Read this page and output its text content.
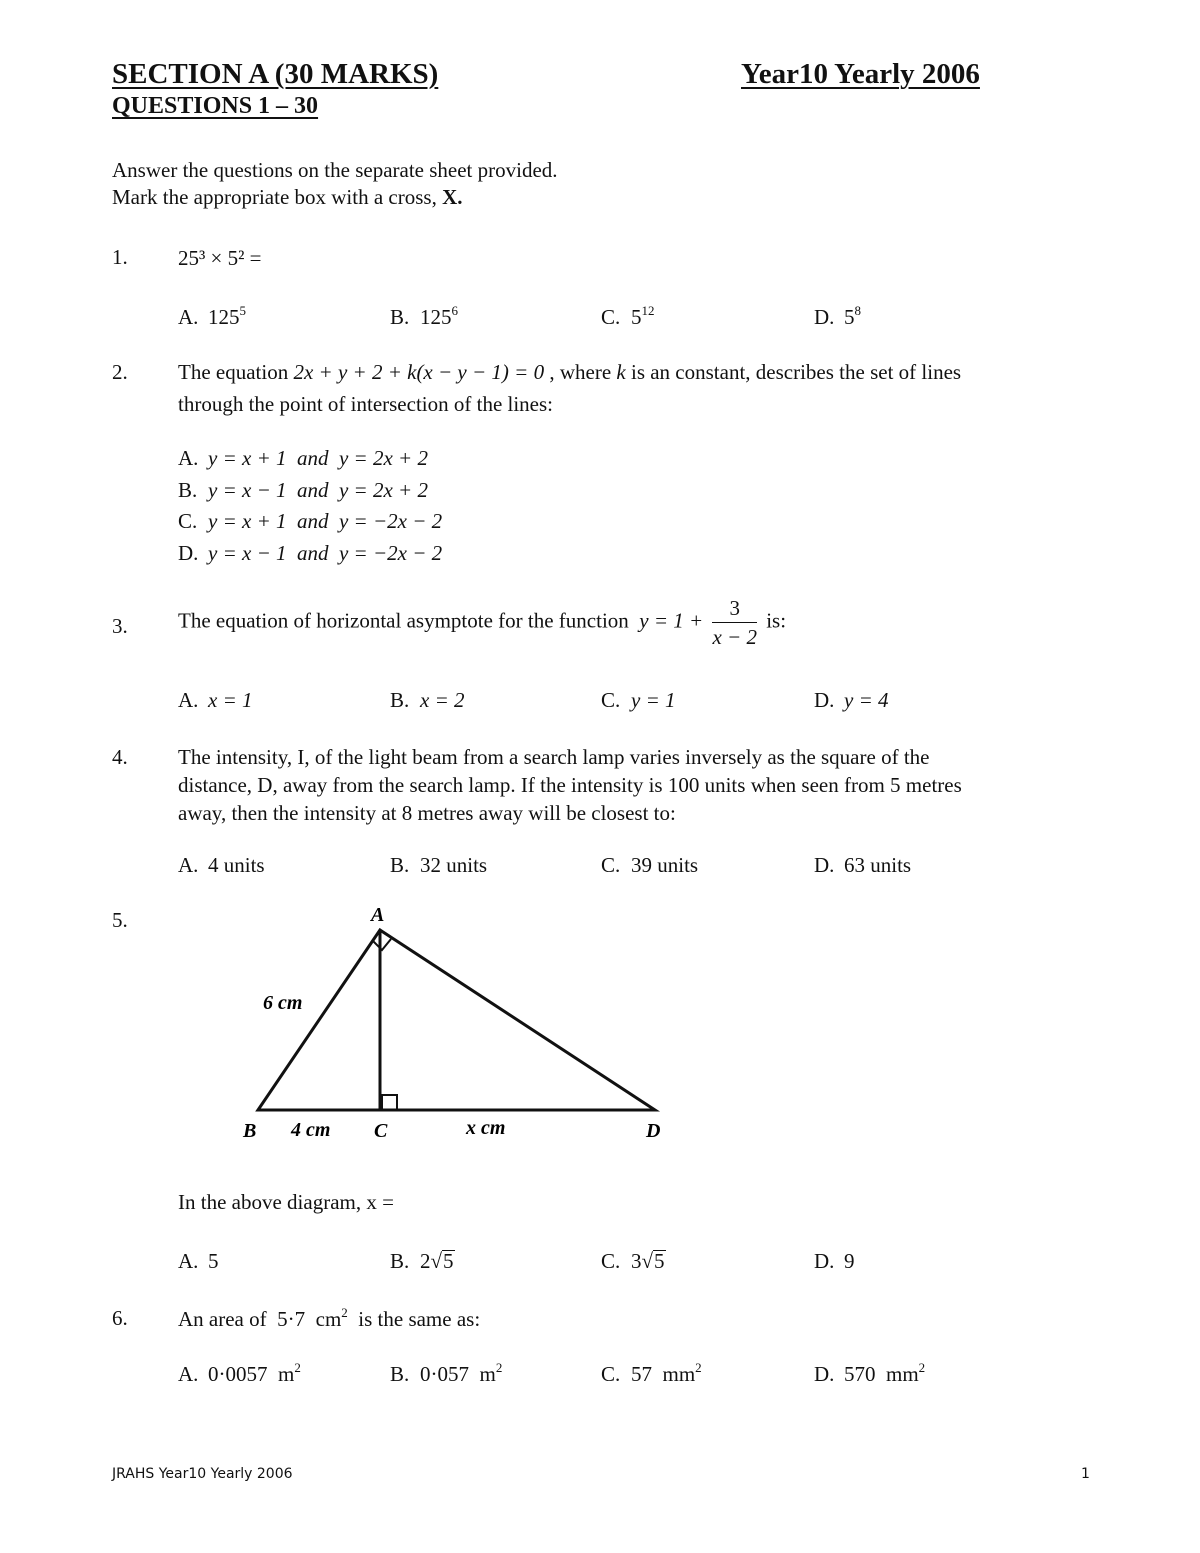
SECTION A (30 MARKS)	Year10 Yearly 2006
QUESTIONS 1 – 30
Answer the questions on the separate sheet provided.
Mark the appropriate box with a cross, X.
1. 25³ × 5² =
A. $125^5$	B. $125^6$	C. $5^{12}$	D. $5^8$
2. The equation 2x + y + 2 + k(x − y − 1) = 0 , where k is an constant, describes the set of lines
through the point of intersection of the lines:
A. y = x + 1  and  y = 2x + 2
B. y = x − 1  and  y = 2x + 2
C. y = x + 1  and  y = −2x − 2
D. y = x − 1  and  y = −2x − 2
3. The equation of horizontal asymptote for the function $y = 1 + \frac{3}{x - 2}$ is:
A. x = 1	B. x = 2	C. y = 1	D. y = 4
4. The intensity, I, of the light beam from a search lamp varies inversely as the square of the
distance, D, away from the search lamp. If the intensity is 100 units when seen from 5 metres
away, then the intensity at 8 metres away will be closest to:
A. 4 units	B. 32 units	C. 39 units	D. 63 units
5.	A
B	C	D
6 cm
4 cm	x cm
In the above diagram, x =
A. 5	B. 2√5	C. 3√5	D. 9
6. An area of 5·7 $cm^2$ is the same as:
A. 0·0057 $m^2$	B. 0·057 $m^2$	C. 57 $mm^2$	D. 570 $mm^2$
JRAHS Year10 Yearly 2006	1
